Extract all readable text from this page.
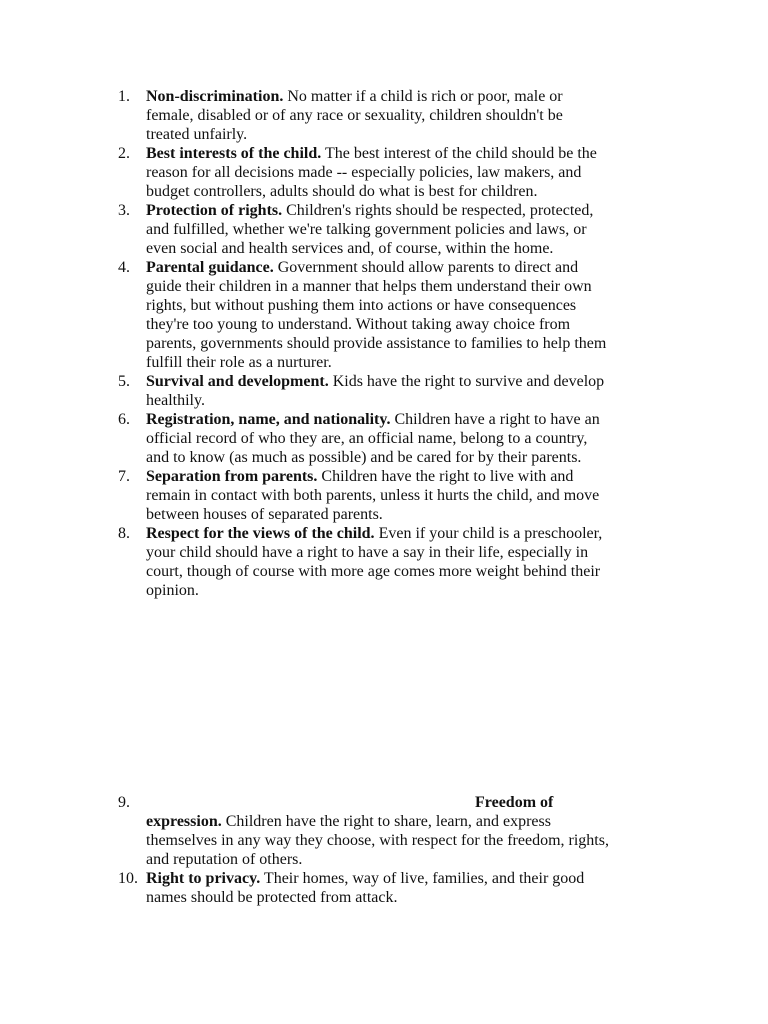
1.	Non-discrimination. No matter if a child is rich or poor, male or
female, disabled or of any race or sexuality, children shouldn't be
treated unfairly.
2.	Best interests of the child. The best interest of the child should be the
reason for all decisions made -- especially policies, law makers, and
budget controllers, adults should do what is best for children.
3.	Protection of rights. Children's rights should be respected, protected,
and fulfilled, whether we're talking government policies and laws, or
even social and health services and, of course, within the home.
4.	Parental guidance. Government should allow parents to direct and
guide their children in a manner that helps them understand their own
rights, but without pushing them into actions or have consequences
they're too young to understand. Without taking away choice from
parents, governments should provide assistance to families to help them
fulfill their role as a nurturer.
5.	Survival and development. Kids have the right to survive and develop
healthily.
6.	Registration, name, and nationality. Children have a right to have an
official record of who they are, an official name, belong to a country,
and to know (as much as possible) and be cared for by their parents.
7.	Separation from parents. Children have the right to live with and
remain in contact with both parents, unless it hurts the child, and move
between houses of separated parents.
8.	Respect for the views of the child. Even if your child is a preschooler,
your child should have a right to have a say in their life, especially in
court, though of course with more age comes more weight behind their
opinion.
9.	Freedom of
expression. Children have the right to share, learn, and express
themselves in any way they choose, with respect for the freedom, rights,
and reputation of others.
10. Right to privacy. Their homes, way of live, families, and their good
names should be protected from attack.
